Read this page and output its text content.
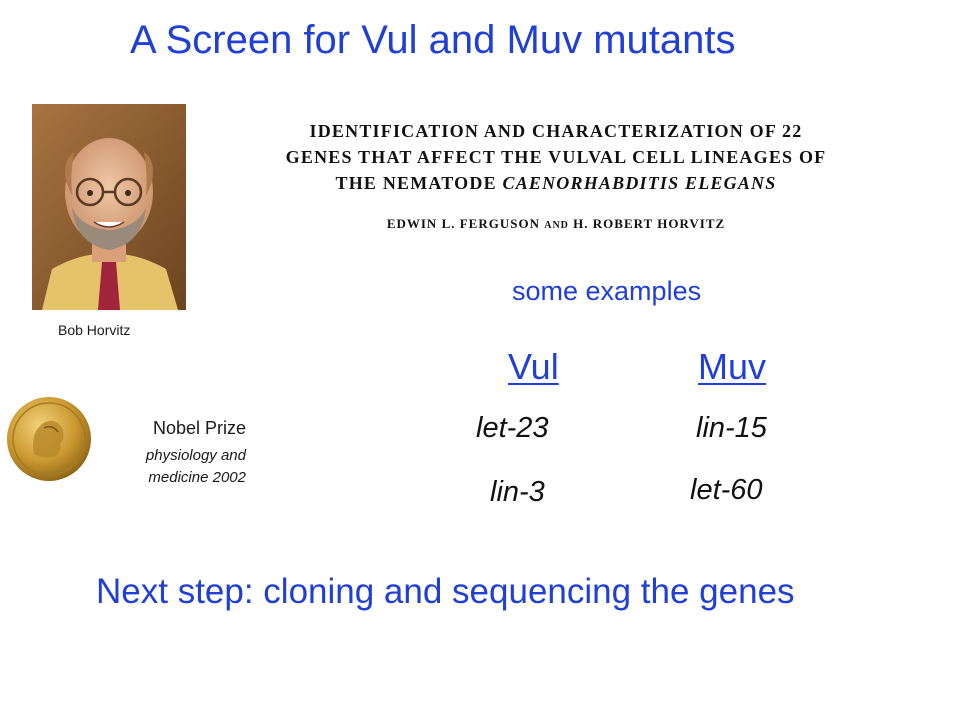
A Screen for Vul and Muv mutants
Bob Horvitz
IDENTIFICATION AND CHARACTERIZATION OF 22
GENES THAT AFFECT THE VULVAL CELL LINEAGES OF
THE NEMATODE CAENORHABDITIS ELEGANS
EDWIN L. FERGUSON AND H. ROBERT HORVITZ
some examples
Vul	Muv
let-23
lin-3
lin-15
let-60
Nobel Prize
physiology and
medicine 2002
Next step: cloning and sequencing the genes
